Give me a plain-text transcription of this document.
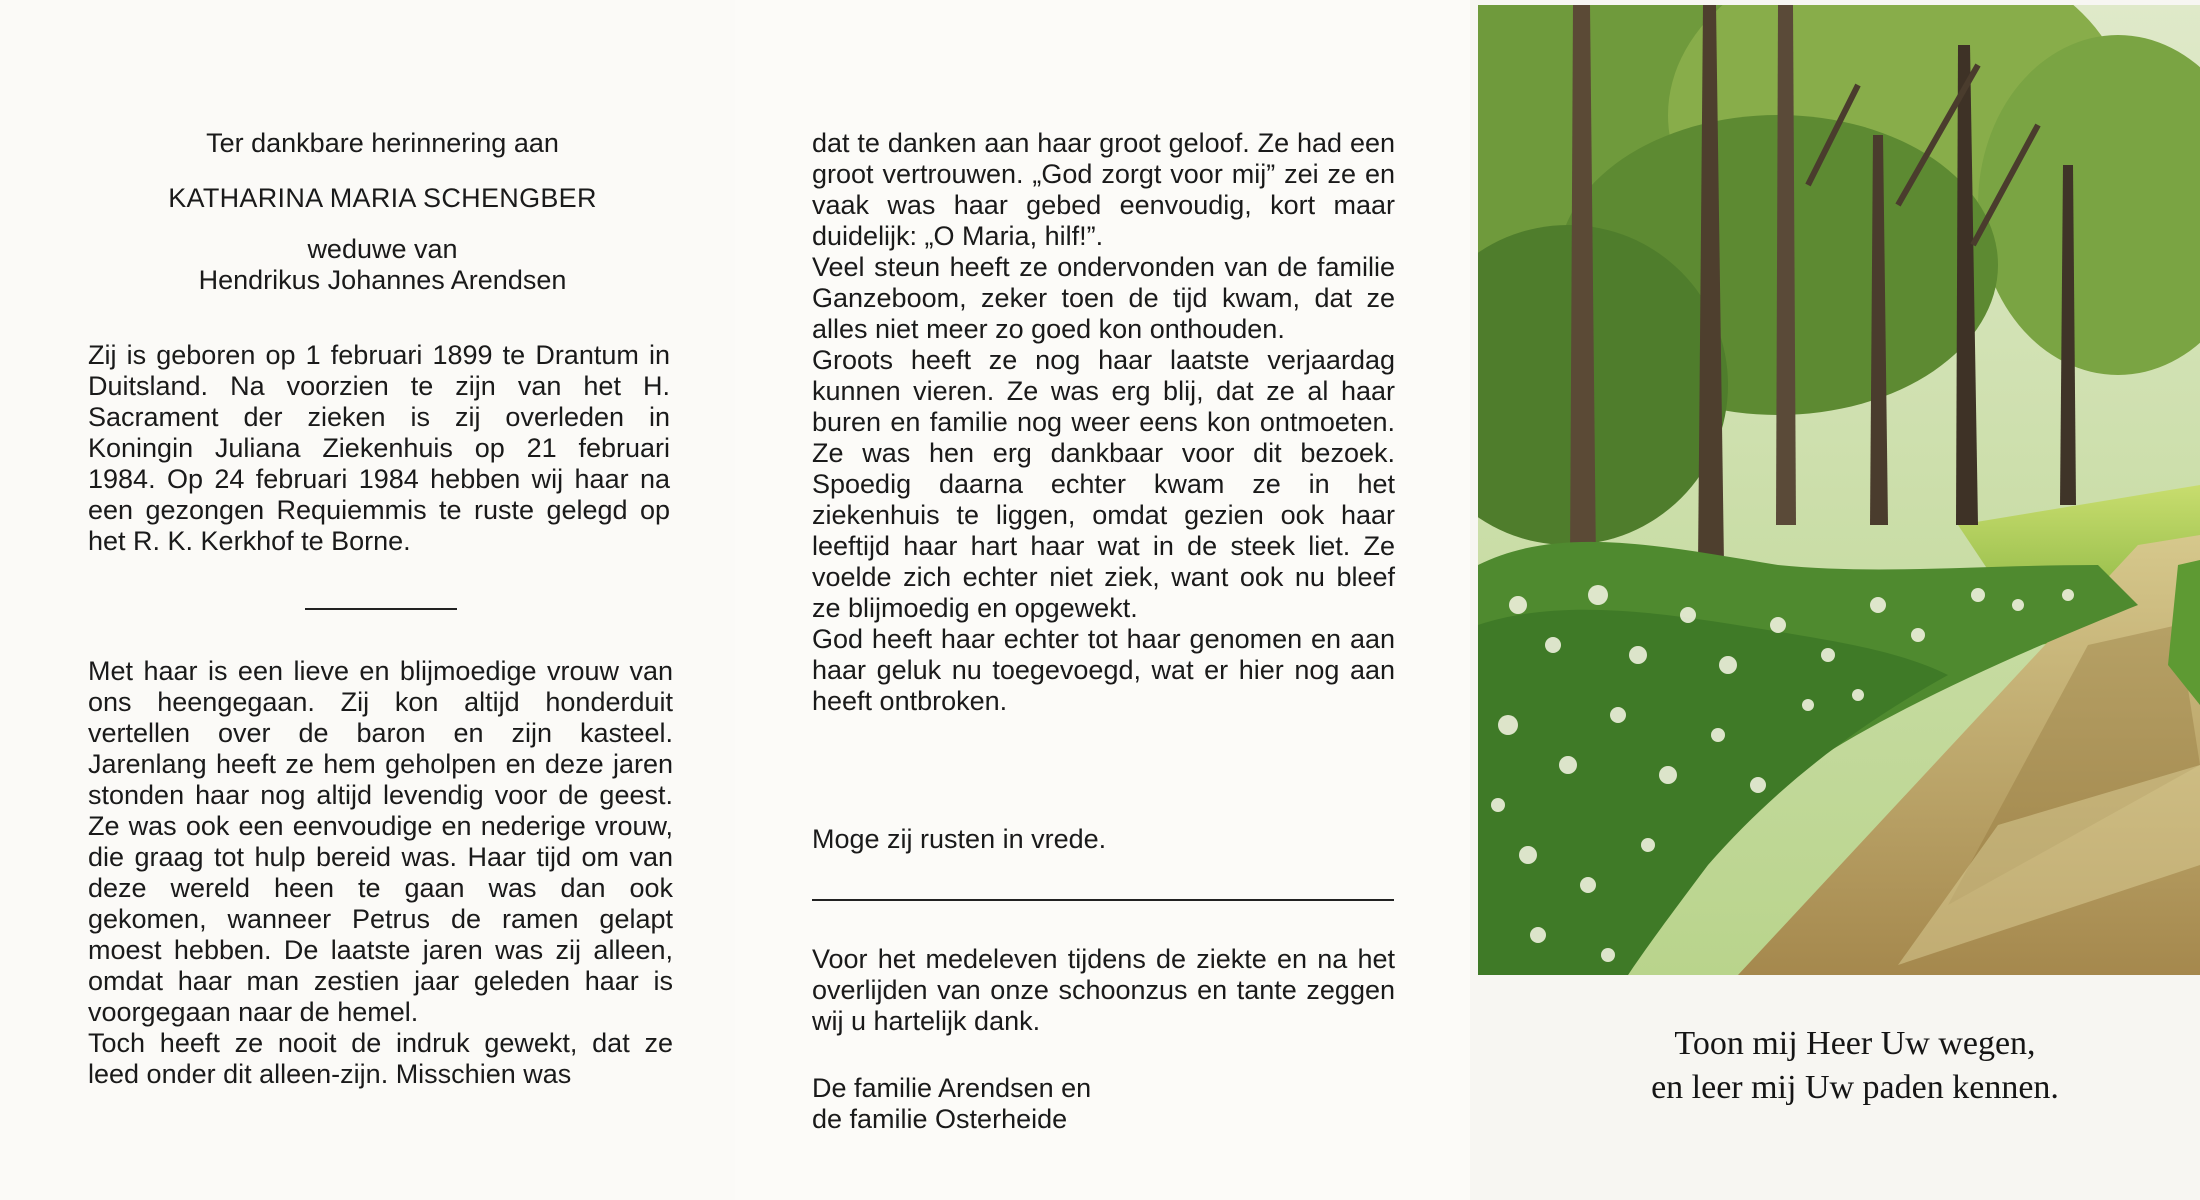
Ter dankbare herinnering aan

KATHARINA MARIA SCHENGBER

weduwe van

Hendrikus Johannes Arendsen

Zij is geboren op 1 februari 1899 te Drantum in Duitsland. Na voorzien te zijn van het H. Sacrament der zieken is zij overleden in Koningin Juliana Ziekenhuis op 21 februari 1984. Op 24 februari 1984 hebben wij haar na een gezongen Requiemmis te ruste gelegd op het R. K. Kerkhof te Borne.
Met haar is een lieve en blijmoedige vrouw van ons heengegaan. Zij kon altijd honderduit vertellen over de baron en zijn kasteel. Jarenlang heeft ze hem geholpen en deze jaren stonden haar nog altijd levendig voor de geest. Ze was ook een eenvoudige en nederige vrouw, die graag tot hulp bereid was. Haar tijd om van deze wereld heen te gaan was dan ook gekomen, wanneer Petrus de ramen gelapt moest hebben. De laatste jaren was zij alleen, omdat haar man zestien jaar geleden haar is voorgegaan naar de hemel.
Toch heeft ze nooit de indruk gewekt, dat ze leed onder dit alleen-zijn. Misschien was
dat te danken aan haar groot geloof. Ze had een groot vertrouwen. „God zorgt voor mij” zei ze en vaak was haar gebed eenvoudig, kort maar duidelijk: „O Maria, hilf!”.
Veel steun heeft ze ondervonden van de familie Ganzeboom, zeker toen de tijd kwam, dat ze alles niet meer zo goed kon onthouden.
Groots heeft ze nog haar laatste verjaardag kunnen vieren. Ze was erg blij, dat ze al haar buren en familie nog weer eens kon ontmoeten. Ze was hen erg dankbaar voor dit bezoek. Spoedig daarna echter kwam ze in het ziekenhuis te liggen, omdat gezien ook haar leeftijd haar hart haar wat in de steek liet. Ze voelde zich echter niet ziek, want ook nu bleef ze blijmoedig en opgewekt.
God heeft haar echter tot haar genomen en aan haar geluk nu toegevoegd, wat er hier nog aan heeft ontbroken.
Moge zij rusten in vrede.
Voor het medeleven tijdens de ziekte en na het overlijden van onze schoonzus en tante zeggen wij u hartelijk dank.
De familie Arendsen en
de familie Osterheide
Toon mij Heer Uw wegen,
en leer mij Uw paden kennen.
